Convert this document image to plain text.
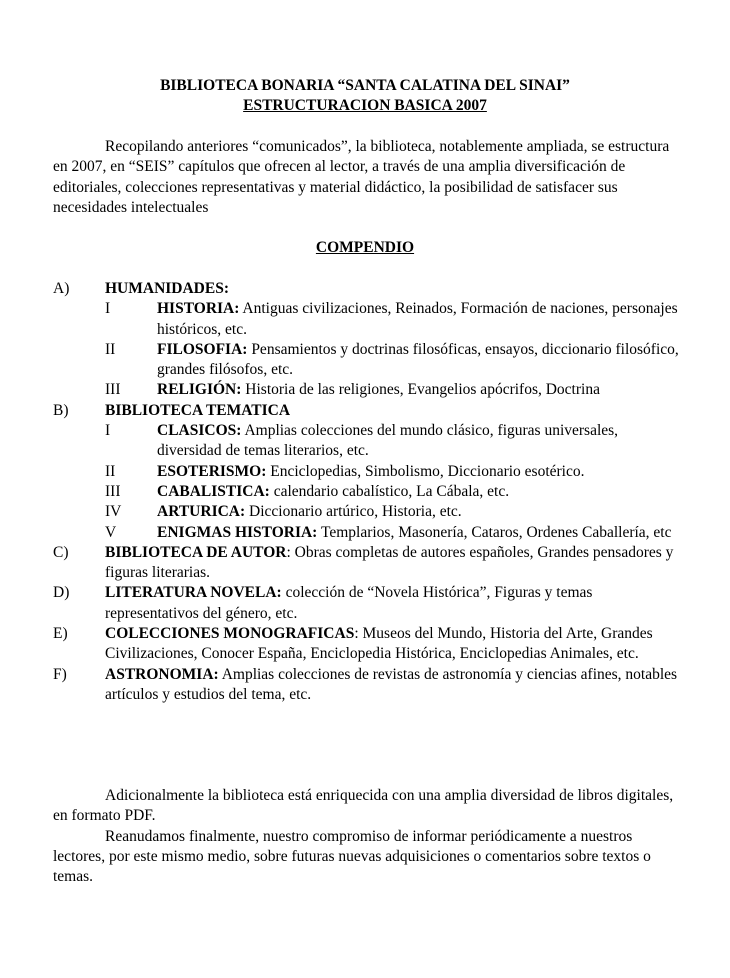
BIBLIOTECA BONARIA “SANTA CALATINA DEL SINAI”
ESTRUCTURACION BASICA 2007

Recopilando anteriores “comunicados”, la biblioteca, notablemente ampliada, se estructura en 2007, en “SEIS” capítulos que ofrecen al lector, a través de una amplia diversificación de editoriales, colecciones representativas y material didáctico, la posibilidad de satisfacer sus necesidades intelectuales

COMPENDIO
A) HUMANIDADES:
I	HISTORIA: Antiguas civilizaciones, Reinados, Formación de naciones, personajes históricos, etc.
II	FILOSOFIA: Pensamientos y doctrinas filosóficas, ensayos, diccionario filosófico, grandes filósofos, etc.
III RELIGIÓN: Historia de las religiones, Evangelios apócrifos, Doctrina
B) BIBLIOTECA TEMATICA
I	CLASICOS: Amplias colecciones del mundo clásico, figuras universales, diversidad de temas literarios, etc.
II	ESOTERISMO: Enciclopedias, Simbolismo, Diccionario esotérico.
III CABALISTICA: calendario cabalístico, La Cábala, etc.
IV ARTURICA: Diccionario artúrico, Historia, etc.
V	ENIGMAS HISTORIA: Templarios, Masonería, Cataros, Ordenes Caballería, etc
C) BIBLIOTECA DE AUTOR: Obras completas de autores españoles, Grandes pensadores y figuras literarias.
D) LITERATURA NOVELA: colección de “Novela Histórica”, Figuras y temas representativos del género, etc.
E) COLECCIONES MONOGRAFICAS: Museos del Mundo, Historia del Arte, Grandes Civilizaciones, Conocer España, Enciclopedia Histórica, Enciclopedias Animales, etc.
F) ASTRONOMIA: Amplias colecciones de revistas de astronomía y ciencias afines, notables artículos y estudios del tema, etc.

Adicionalmente la biblioteca está enriquecida con una amplia diversidad de libros digitales, en formato PDF.

Reanudamos finalmente, nuestro compromiso de informar periódicamente a nuestros lectores, por este mismo medio, sobre futuras nuevas adquisiciones o comentarios sobre textos o temas.
